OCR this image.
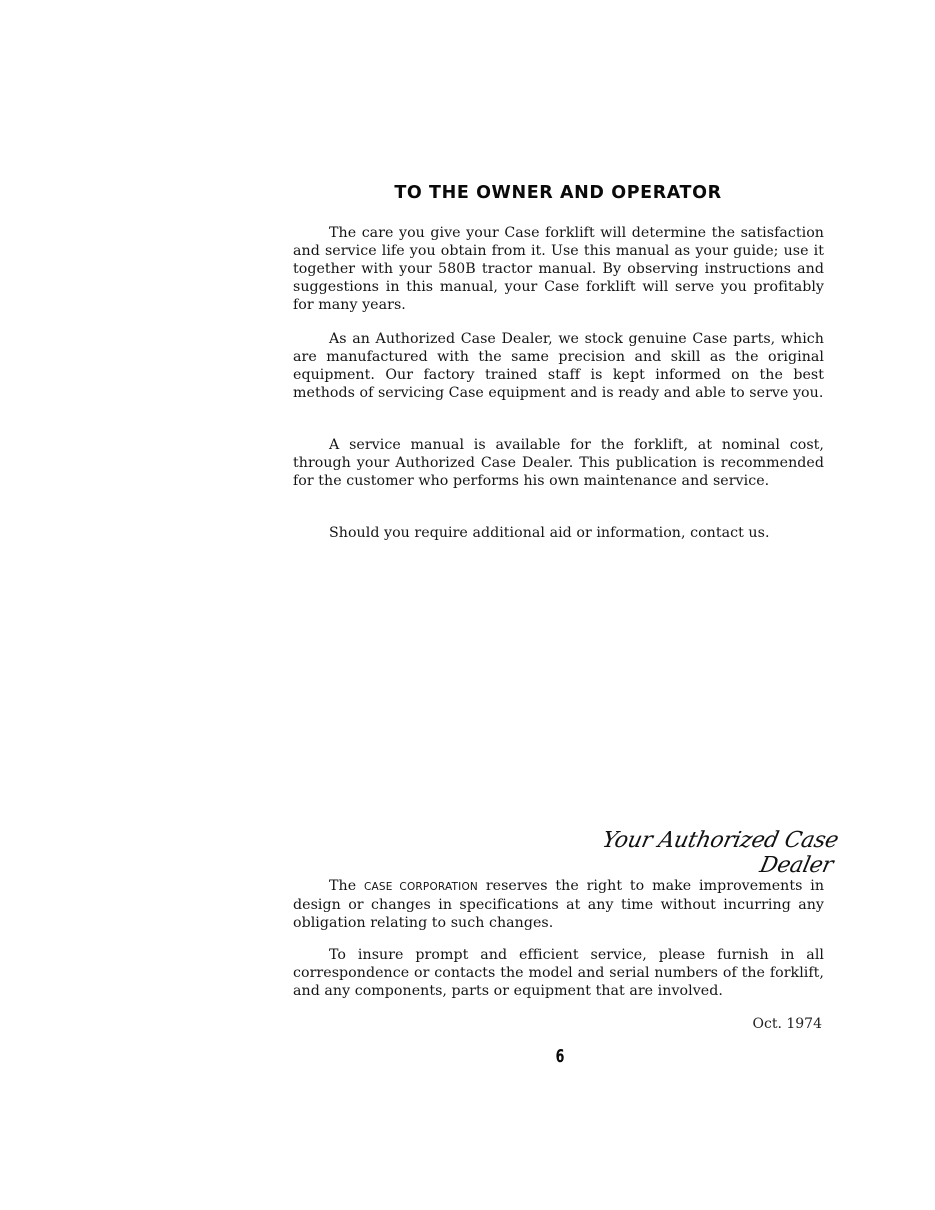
TO THE OWNER AND OPERATOR

The care you give your Case forklift will determine the satisfaction and service life you obtain from it. Use this manual as your guide; use it together with your 580B tractor manual. By observing instructions and suggestions in this manual, your Case forklift will serve you profitably for many years.

As an Authorized Case Dealer, we stock genuine Case parts, which are manufactured with the same precision and skill as the original equipment. Our factory trained staff is kept informed on the best methods of servicing Case equipment and is ready and able to serve you.

A service manual is available for the forklift, at nominal cost, through your Authorized Case Dealer. This publication is recommended for the customer who performs his own maintenance and service.

Should you require additional aid or information, contact us.

Your Authorized Case Dealer

The CASE CORPORATION reserves the right to make improvements in design or changes in specifications at any time without incurring any obligation relating to such changes.

To insure prompt and efficient service, please furnish in all correspondence or contacts the model and serial numbers of the forklift, and any components, parts or equipment that are involved.

Oct. 1974
6
